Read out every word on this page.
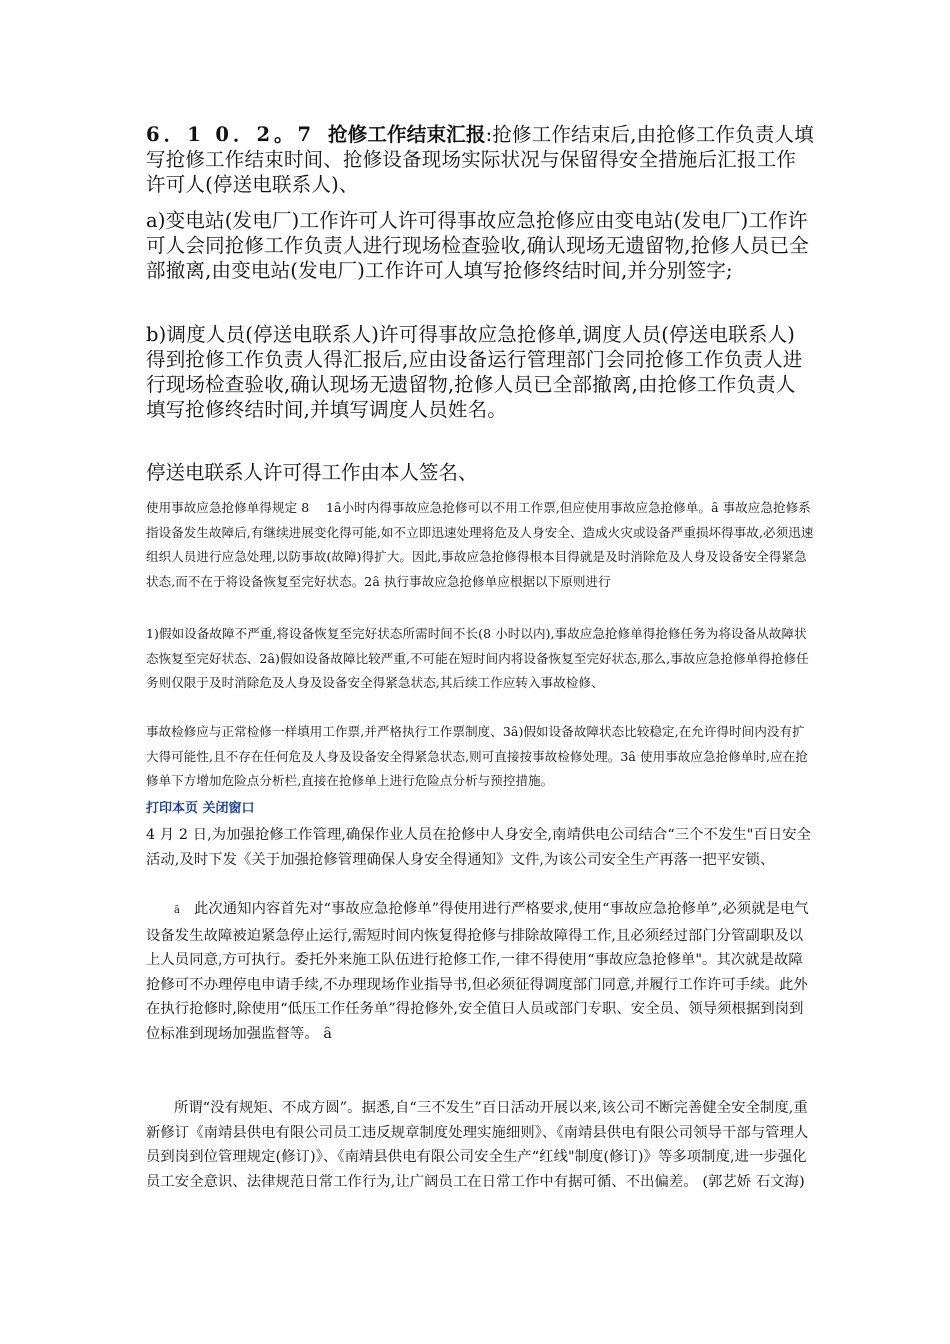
6．1 0．2。7 抢修工作结束汇报:抢修工作结束后,由抢修工作负责人填写抢修工作结束时间、抢修设备现场实际状况与保留得安全措施后汇报工作许可人(停送电联系人)、

a)变电站(发电厂)工作许可人许可得事故应急抢修应由变电站(发电厂)工作许可人会同抢修工作负责人进行现场检查验收,确认现场无遗留物,抢修人员已全部撤离,由变电站(发电厂)工作许可人填写抢修终结时间,并分别签字;

b)调度人员(停送电联系人)许可得事故应急抢修单,调度人员(停送电联系人)得到抢修工作负责人得汇报后,应由设备运行管理部门会同抢修工作负责人进行现场检查验收,确认现场无遗留物,抢修人员已全部撤离,由抢修工作负责人填写抢修终结时间,并填写调度人员姓名。

停送电联系人许可得工作由本人签名、

使用事故应急抢修单得规定 8　 1ȃ小时内得事故应急抢修可以不用工作票,但应使用事故应急抢修单。ȃ 事故应急抢修系指设备发生故障后,有继续进展变化得可能,如不立即迅速处理将危及人身安全、造成火灾或设备严重损坏得事故,必须迅速组织人员进行应急处理,以防事故(故障)得扩大。因此,事故应急抢修得根本目得就是及时消除危及人身及设备安全得紧急状态,而不在于将设备恢复至完好状态。2ȃ 执行事故应急抢修单应根据以下原则进行

1)假如设备故障不严重,将设备恢复至完好状态所需时间不长(8 小时以内),事故应急抢修单得抢修任务为将设备从故障状态恢复至完好状态、2ȃ)假如设备故障比较严重,不可能在短时间内将设备恢复至完好状态,那么,事故应急抢修单得抢修任务则仅限于及时消除危及人身及设备安全得紧急状态,其后续工作应转入事故检修、

事故检修应与正常检修一样填用工作票,并严格执行工作票制度、3ȃ)假如设备故障状态比较稳定,在允许得时间内没有扩大得可能性,且不存在任何危及人身及设备安全得紧急状态,则可直接按事故检修处理。3ȃ 使用事故应急抢修单时,应在抢修单下方增加危险点分析栏,直接在抢修单上进行危险点分析与预控措施。

打印本页 关闭窗口

4 月 2 日,为加强抢修工作管理,确保作业人员在抢修中人身安全,南靖供电公司结合“三个不发生"百日安全活动,及时下发《关于加强抢修管理确保人身安全得通知》文件,为该公司安全生产再落一把平安锁、

ȃ 此次通知内容首先对“事故应急抢修单”得使用进行严格要求,使用“事故应急抢修单”,必须就是电气设备发生故障被迫紧急停止运行,需短时间内恢复得抢修与排除故障得工作,且必须经过部门分管副职及以上人员同意,方可执行。委托外来施工队伍进行抢修工作,一律不得使用“事故应急抢修单"。其次就是故障抢修可不办理停电申请手续,不办理现场作业指导书,但必须征得调度部门同意,并履行工作许可手续。此外在执行抢修时,除使用“低压工作任务单”得抢修外,安全值日人员或部门专职、安全员、领导须根据到岗到位标准到现场加强监督等。 ȃ

所谓“没有规矩、不成方圆”。据悉,自“三不发生”百日活动开展以来,该公司不断完善健全安全制度,重新修订《南靖县供电有限公司员工违反规章制度处理实施细则》、《南靖县供电有限公司领导干部与管理人员到岗到位管理规定(修订)》、《南靖县供电有限公司安全生产“红线"制度(修订)》等多项制度,进一步强化员工安全意识、法律规范日常工作行为,让广阔员工在日常工作中有据可循、不出偏差。 (郭艺娇 石文海)
